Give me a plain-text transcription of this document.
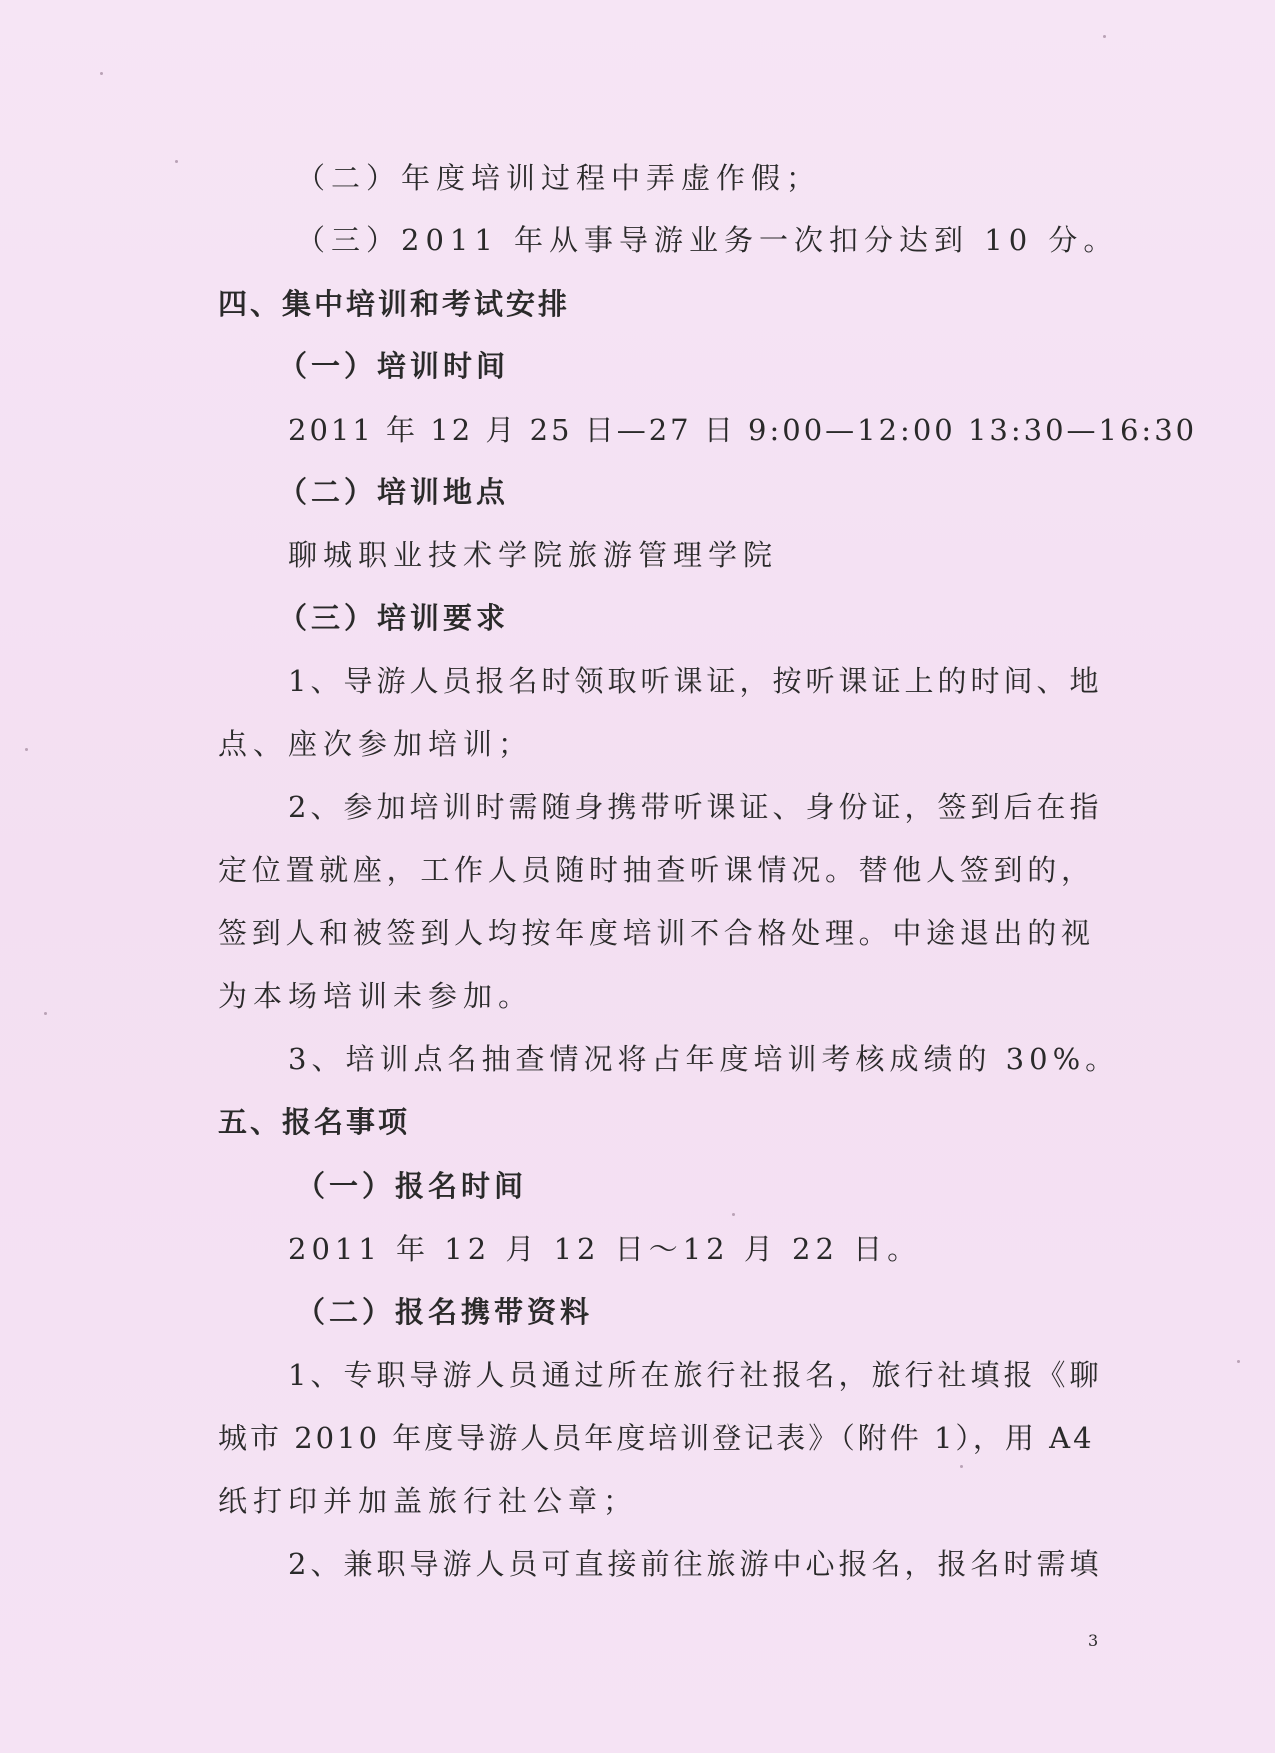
（二）年度培训过程中弄虚作假；
（三）2011 年从事导游业务一次扣分达到 10 分。
四、集中培训和考试安排
（一）培训时间
2011 年 12 月 25 日—27 日 9:00—12:00 13:30—16:30
（二）培训地点
聊城职业技术学院旅游管理学院
（三）培训要求
1、导游人员报名时领取听课证，按听课证上的时间、地
点、座次参加培训；
2、参加培训时需随身携带听课证、身份证，签到后在指
定位置就座，工作人员随时抽查听课情况。替他人签到的，
签到人和被签到人均按年度培训不合格处理。中途退出的视
为本场培训未参加。
3、培训点名抽查情况将占年度培训考核成绩的 30%。
五、报名事项
（一）报名时间
2011 年 12 月 12 日～12 月 22 日。
（二）报名携带资料
1、专职导游人员通过所在旅行社报名，旅行社填报《聊
城市 2010 年度导游人员年度培训登记表》（附件 1），用 A4
纸打印并加盖旅行社公章；
2、兼职导游人员可直接前往旅游中心报名，报名时需填
3
